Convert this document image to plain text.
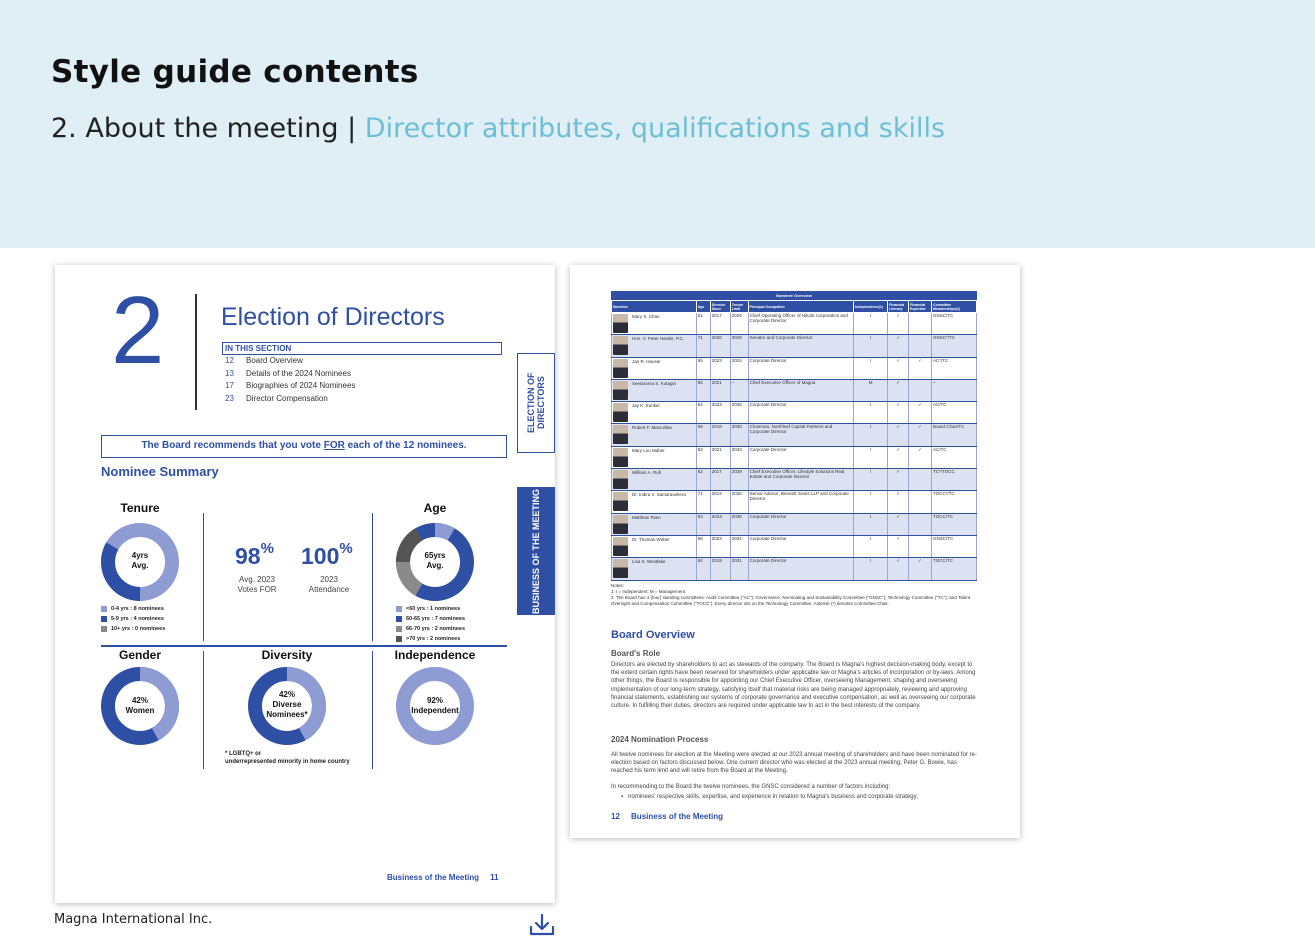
Style guide contents
2. About the meeting | Director attributes, qualifications and skills
2 Election of Directors
IN THIS SECTION
12 Board Overview
13 Details of the 2024 Nominees
17 Biographies of 2024 Nominees
23 Director Compensation
The Board recommends that you vote FOR each of the 12 nominees.
Nominee Summary
ELECTION OF DIRECTORS
BUSINESS OF THE MEETING
Tenure
4yrs
Avg.
0-4 yrs : 8 nominees
5-9 yrs : 4 nominees
10+ yrs : 0 nominees
98%
Avg. 2023
Votes FOR
100%
2023
Attendance
Age
65yrs
Avg.
<60 yrs : 1 nominees
60-65 yrs : 7 nominees
66-70 yrs : 2 nominees
>70 yrs : 2 nominees
Gender
42%
Women
Diversity
42%
Diverse
Nominees*
* LGBTQ+ or
underrepresented minority in home country
Independence
92%
Independent
Business of the Meeting 11
Nominee Overview
Nominee	Age	Director Since	Tenure Limit	Principal Occupation	Independence(1)	Financial Literacy	Financial Expertise	Committee Memberships(2)

Mary S. Chan	61	2017	2029	Chief Operating Officer of Nikola Corporation and Corporate Director	I	✓		GNSC/TC

Hon. V. Peter Harder, P.C.	71	2020	2029	Senator and Corporate Director	I	✓		GNSC*/TC

Jan R. Hauser	65	2023	2024	Corporate Director	I	✓	✓	AC*/TC

Seetarama S. Kotagiri	55	2021	–	Chief Executive Officer of Magna	M	✓		–

Jay K. Kunkel	64	2023	2035	Corporate Director	I	✓	✓	AC/TC

Robert F. MacLellan	69	2018	2030	Chairman, Northleaf Capital Partners and Corporate Director	I	✓	✓	Board Chair/TC

Mary Lou Maher	63	2021	2033	Corporate Director	I	✓	✓	AC/TC

William A. Ruh	62	2017	2029	Chief Executive Officer, Lifestyle Solutions Real Estate and Corporate Director	I	✓		TC*/TOCC

Dr. Indira V. Samarasekera	71	2014	2026	Senior Advisor, Bennett Jones LLP and Corporate Director	I	✓		TOCC*/TC

Matthew Tsien	63	2023	2035	Corporate Director	I	✓		TOCC/TC

Dr. Thomas Weber	69	2023	2034	Corporate Director	I	✓		GNSC/TC

Lisa S. Westlake	62	2019	2031	Corporate Director	I	✓	✓	TOCC/TC
Notes:
1. I = Independent; M = Management
2. The Board has 4 (four) standing committees: Audit Committee ("AC"); Governance, Nominating and Sustainability Committee ("GNSC"); Technology Committee ("TC"); and Talent Oversight and Compensation Committee ("TOCC"). Every director sits on the Technology Committee. Asterisk (*) denotes Committee Chair.
Board Overview
Board's Role
Directors are elected by shareholders to act as stewards of the company. The Board is Magna's highest decision-making body, except to the extent certain rights have been reserved for shareholders under applicable law or Magna's articles of incorporation or by-laws. Among other things, the Board is responsible for appointing our Chief Executive Officer, overseeing Management, shaping and overseeing implementation of our long-term strategy, satisfying itself that material risks are being managed appropriately, reviewing and approving financial statements, establishing our systems of corporate governance and executive compensation, as well as overseeing our corporate culture. In fulfilling their duties, directors are required under applicable law to act in the best interests of the company.
2024 Nomination Process
All twelve nominees for election at the Meeting were elected at our 2023 annual meeting of shareholders and have been nominated for re-election based on factors discussed below. One current director who was elected at the 2023 annual meeting, Peter G. Bowie, has reached his term limit and will retire from the Board at the Meeting.
In recommending to the Board the twelve nominees, the GNSC considered a number of factors including:
▪   nominees' respective skills, expertise, and experience in relation to Magna's business and corporate strategy;
12 Business of the Meeting
Magna International Inc.
